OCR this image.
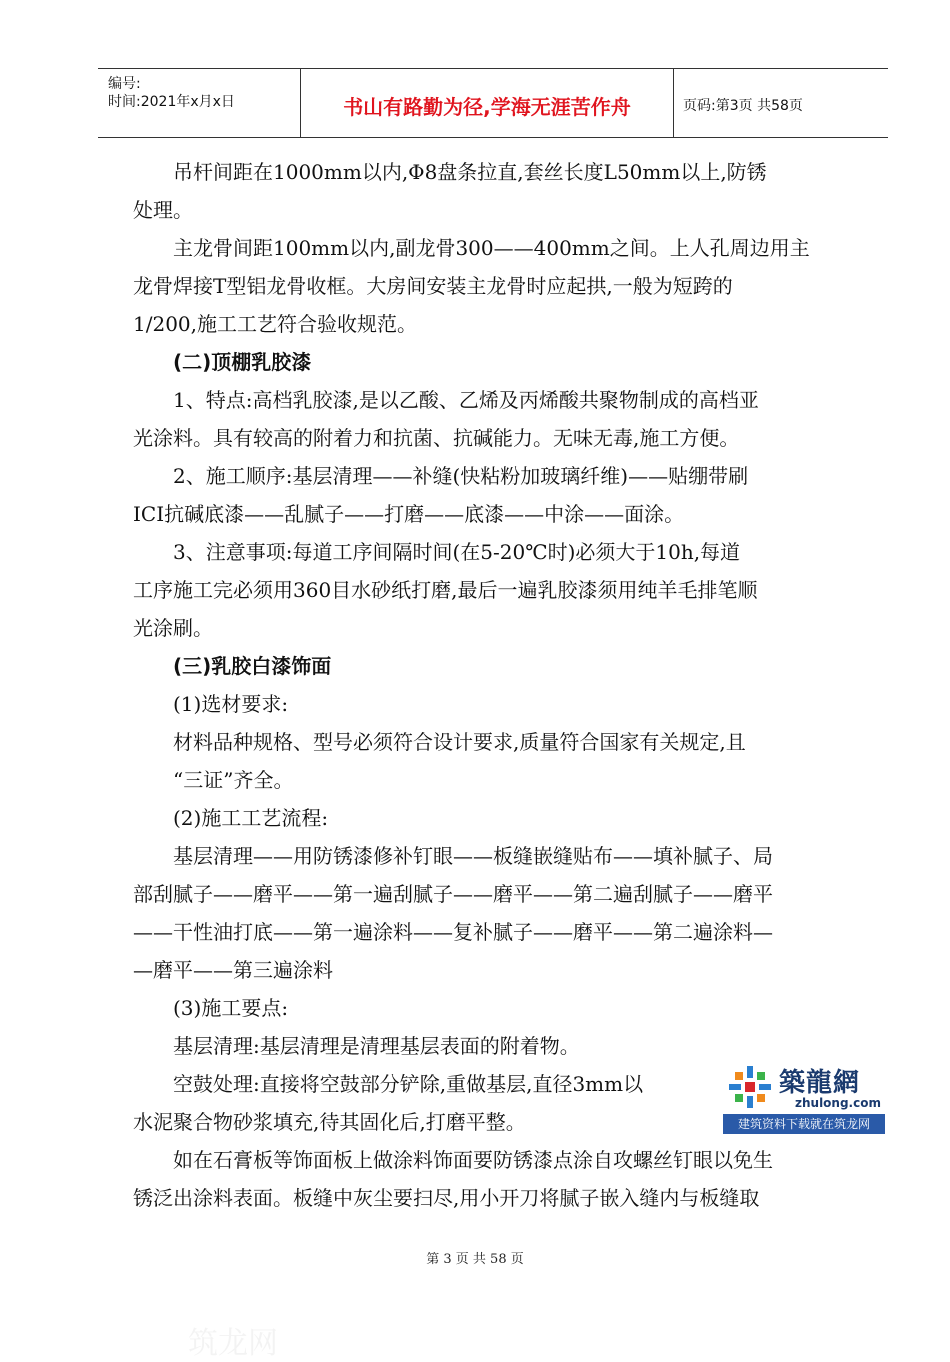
编号:
时间:2021年x月x日	书山有路勤为径,学海无涯苦作舟	页码:第3页 共58页
吊杆间距在1000mm以内,Φ8盘条拉直,套丝长度L50mm以上,防锈
处理。
主龙骨间距100mm以内,副龙骨300——400mm之间。上人孔周边用主
龙骨焊接T型铝龙骨收框。大房间安装主龙骨时应起拱,一般为短跨的
1/200,施工工艺符合验收规范。
(二)顶棚乳胶漆
1、特点:高档乳胶漆,是以乙酸、乙烯及丙烯酸共聚物制成的高档亚
光涂料。具有较高的附着力和抗菌、抗碱能力。无味无毒,施工方便。
2、施工顺序:基层清理——补缝(快粘粉加玻璃纤维)——贴绷带刷
ICI抗碱底漆——乱腻子——打磨——底漆——中涂——面涂。
3、注意事项:每道工序间隔时间(在5-20℃时)必须大于10h,每道
工序施工完必须用360目水砂纸打磨,最后一遍乳胶漆须用纯羊毛排笔顺
光涂刷。
(三)乳胶白漆饰面
(1)选材要求:
材料品种规格、型号必须符合设计要求,质量符合国家有关规定,且
“三证”齐全。
(2)施工工艺流程:
基层清理——用防锈漆修补钉眼——板缝嵌缝贴布——填补腻子、局
部刮腻子——磨平——第一遍刮腻子——磨平——第二遍刮腻子——磨平
——干性油打底——第一遍涂料——复补腻子——磨平——第二遍涂料—
—磨平——第三遍涂料
(3)施工要点:
基层清理:基层清理是清理基层表面的附着物。
空鼓处理:直接将空鼓部分铲除,重做基层,直径3mm以
水泥聚合物砂浆填充,待其固化后,打磨平整。
如在石膏板等饰面板上做涂料饰面要防锈漆点涂自攻螺丝钉眼以免生
锈泛出涂料表面。板缝中灰尘要扫尽,用小开刀将腻子嵌入缝内与板缝取
築龍網
zhulong.com
建筑资料下载就在筑龙网
第 3 页 共 58 页
筑龙网
